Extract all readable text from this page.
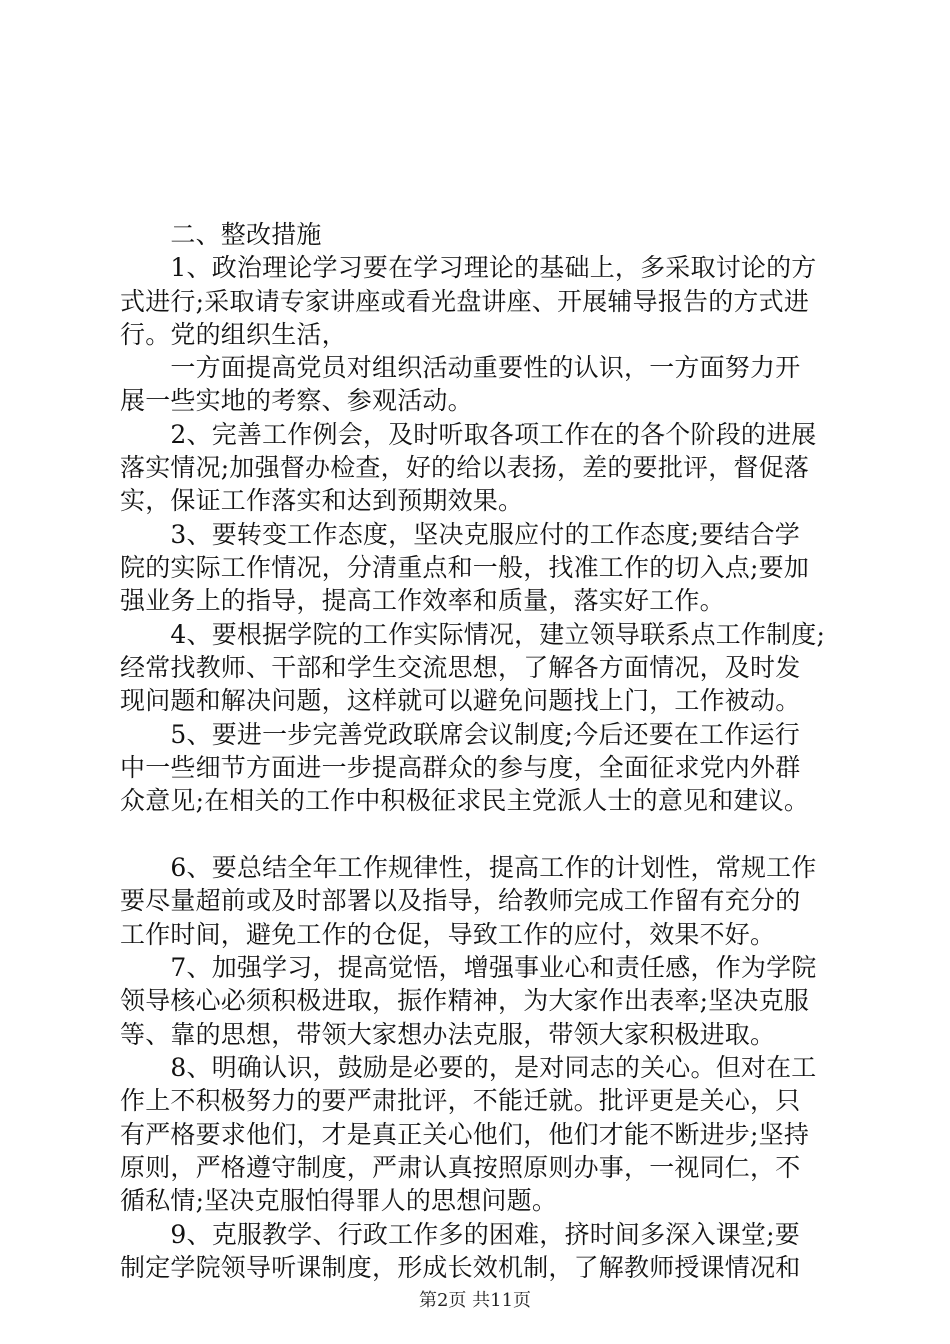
　　二、整改措施
　　1、政治理论学习要在学习理论的基础上，多采取讨论的方
式进行;采取请专家讲座或看光盘讲座、开展辅导报告的方式进
行。党的组织生活，
　　一方面提高党员对组织活动重要性的认识，一方面努力开
展一些实地的考察、参观活动。
　　2、完善工作例会，及时听取各项工作在的各个阶段的进展
落实情况;加强督办检查，好的给以表扬，差的要批评，督促落
实，保证工作落实和达到预期效果。
　　3、要转变工作态度，坚决克服应付的工作态度;要结合学
院的实际工作情况，分清重点和一般，找准工作的切入点;要加
强业务上的指导，提高工作效率和质量，落实好工作。
　　4、要根据学院的工作实际情况，建立领导联系点工作制度;
经常找教师、干部和学生交流思想，了解各方面情况，及时发
现问题和解决问题，这样就可以避免问题找上门，工作被动。
　　5、要进一步完善党政联席会议制度;今后还要在工作运行
中一些细节方面进一步提高群众的参与度，全面征求党内外群
众意见;在相关的工作中积极征求民主党派人士的意见和建议。
　　6、要总结全年工作规律性，提高工作的计划性，常规工作
要尽量超前或及时部署以及指导，给教师完成工作留有充分的
工作时间，避免工作的仓促，导致工作的应付，效果不好。
　　7、加强学习，提高觉悟，增强事业心和责任感，作为学院
领导核心必须积极进取，振作精神，为大家作出表率;坚决克服
等、靠的思想，带领大家想办法克服，带领大家积极进取。
　　8、明确认识，鼓励是必要的，是对同志的关心。但对在工
作上不积极努力的要严肃批评，不能迁就。批评更是关心，只
有严格要求他们，才是真正关心他们，他们才能不断进步;坚持
原则，严格遵守制度，严肃认真按照原则办事，一视同仁，不
循私情;坚决克服怕得罪人的思想问题。
　　9、克服教学、行政工作多的困难，挤时间多深入课堂;要
制定学院领导听课制度，形成长效机制，了解教师授课情况和
第2页 共11页
